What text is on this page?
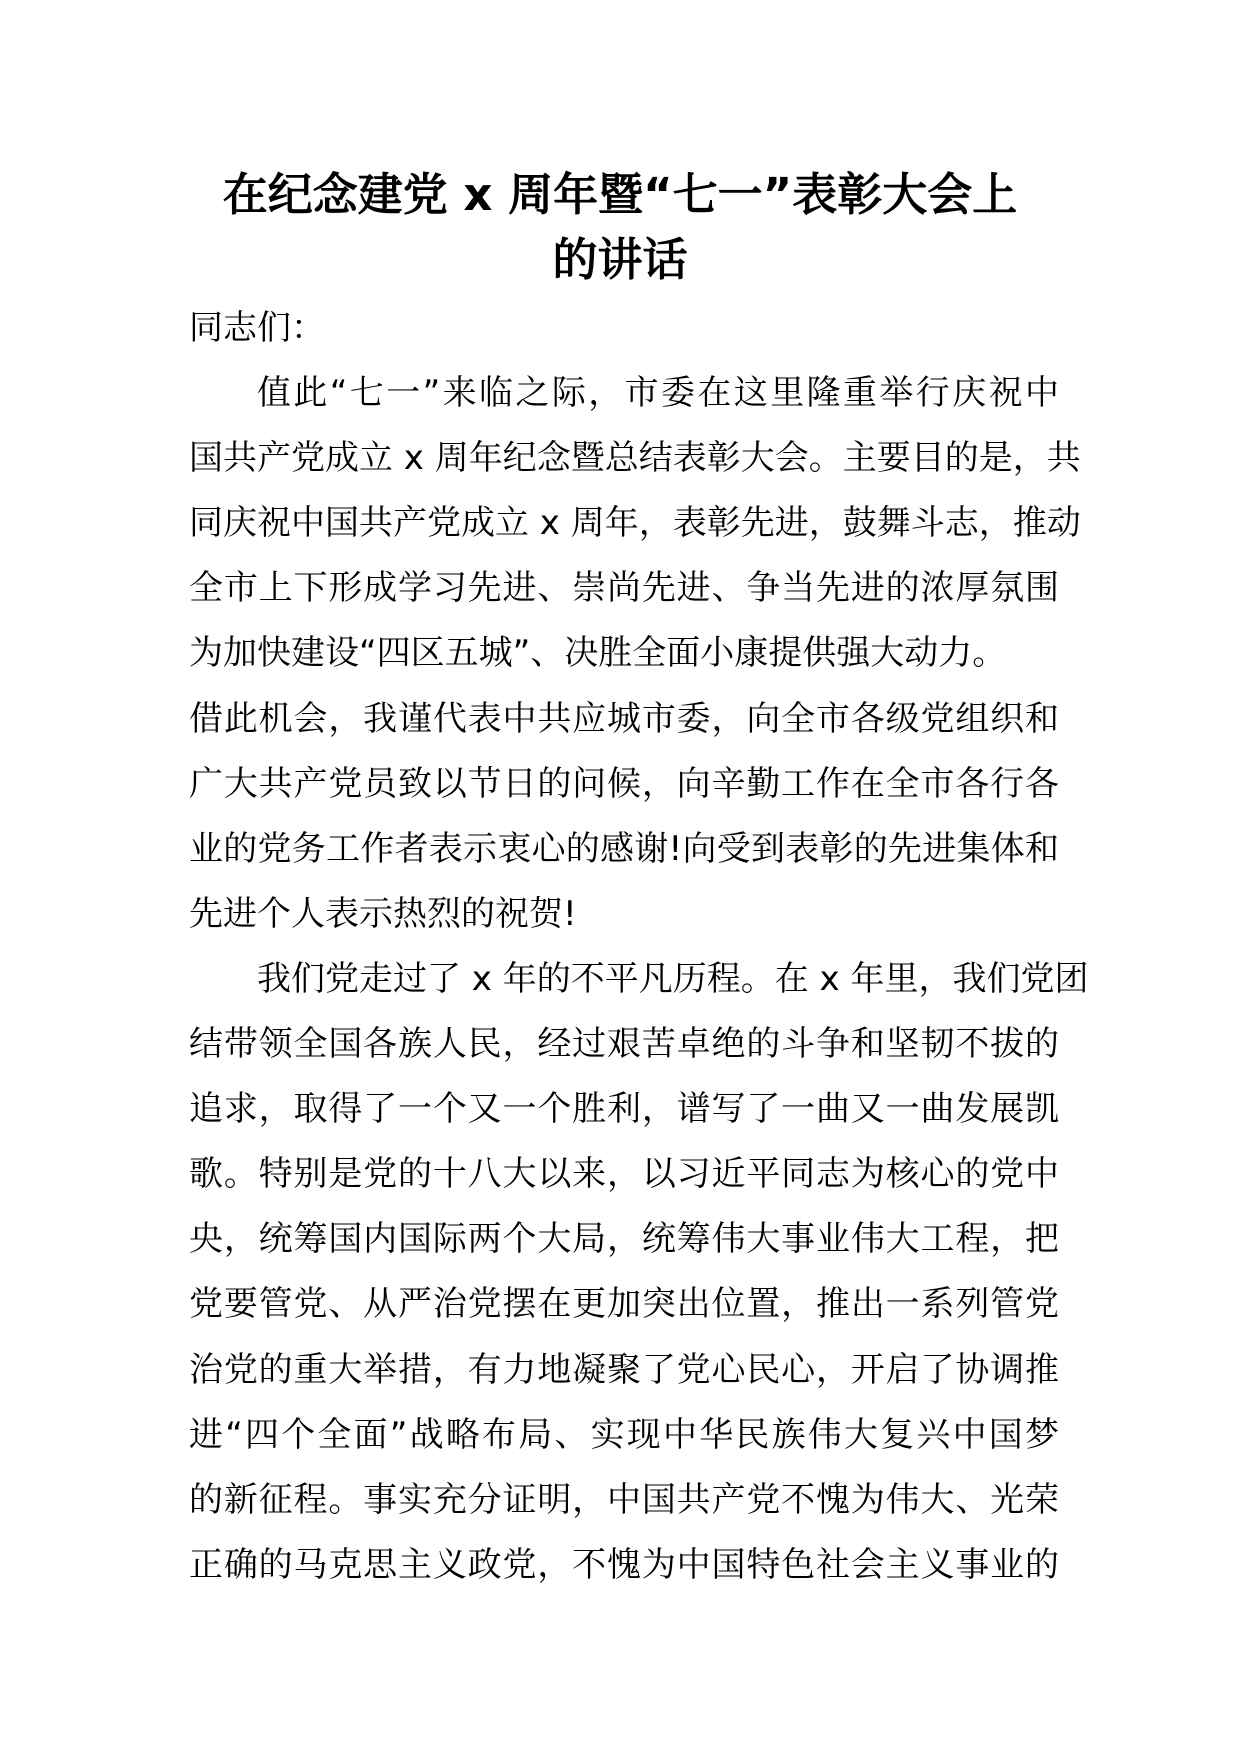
在纪念建党 x 周年暨“七一”表彰大会上
的讲话
同志们：
值此“七一”来临之际，市委在这里隆重举行庆祝中
国共产党成立 x 周年纪念暨总结表彰大会。主要目的是，共
同庆祝中国共产党成立 x 周年，表彰先进，鼓舞斗志，推动
全市上下形成学习先进、崇尚先进、争当先进的浓厚氛围
为加快建设“四区五城”、决胜全面小康提供强大动力。
借此机会，我谨代表中共应城市委，向全市各级党组织和
广大共产党员致以节日的问候，向辛勤工作在全市各行各
业的党务工作者表示衷心的感谢!向受到表彰的先进集体和
先进个人表示热烈的祝贺!
我们党走过了 x 年的不平凡历程。在 x 年里，我们党团
结带领全国各族人民，经过艰苦卓绝的斗争和坚韧不拔的
追求，取得了一个又一个胜利，谱写了一曲又一曲发展凯
歌。特别是党的十八大以来，以习近平同志为核心的党中
央，统筹国内国际两个大局，统筹伟大事业伟大工程，把
党要管党、从严治党摆在更加突出位置，推出一系列管党
治党的重大举措，有力地凝聚了党心民心，开启了协调推
进“四个全面”战略布局、实现中华民族伟大复兴中国梦
的新征程。事实充分证明，中国共产党不愧为伟大、光荣
正确的马克思主义政党，不愧为中国特色社会主义事业的
